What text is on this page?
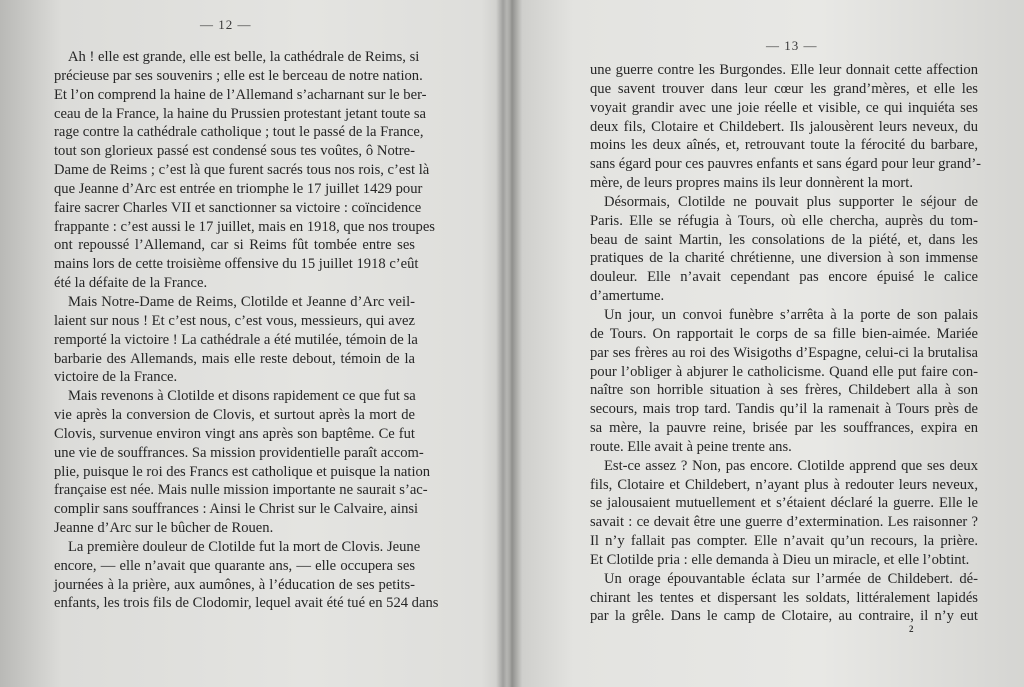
— 12 —
Ah ! elle est grande, elle est belle, la cathédrale de Reims, si
précieuse par ses souvenirs ; elle est le berceau de notre nation.
Et l’on comprend la haine de l’Allemand s’acharnant sur le ber-
ceau de la France, la haine du Prussien protestant jetant toute sa
rage contre la cathédrale catholique ; tout le passé de la France,
tout son glorieux passé est condensé sous tes voûtes, ô Notre-
Dame de Reims ; c’est là que furent sacrés tous nos rois, c’est là
que Jeanne d’Arc est entrée en triomphe le 17 juillet 1429 pour
faire sacrer Charles VII et sanctionner sa victoire : coïncidence
frappante : c’est aussi le 17 juillet, mais en 1918, que nos troupes
ont repoussé l’Allemand, car si Reims fût tombée entre ses
mains lors de cette troisième offensive du 15 juillet 1918 c’eût
été la défaite de la France.
Mais Notre-Dame de Reims, Clotilde et Jeanne d’Arc veil-
laient sur nous ! Et c’est nous, c’est vous, messieurs, qui avez
remporté la victoire ! La cathédrale a été mutilée, témoin de la
barbarie des Allemands, mais elle reste debout, témoin de la
victoire de la France.
Mais revenons à Clotilde et disons rapidement ce que fut sa
vie après la conversion de Clovis, et surtout après la mort de
Clovis, survenue environ vingt ans après son baptême. Ce fut
une vie de souffrances. Sa mission providentielle paraît accom-
plie, puisque le roi des Francs est catholique et puisque la nation
française est née. Mais nulle mission importante ne saurait s’ac-
complir sans souffrances : Ainsi le Christ sur le Calvaire, ainsi
Jeanne d’Arc sur le bûcher de Rouen.
La première douleur de Clotilde fut la mort de Clovis. Jeune
encore, — elle n’avait que quarante ans, — elle occupera ses
journées à la prière, aux aumônes, à l’éducation de ses petits-
enfants, les trois fils de Clodomir, lequel avait été tué en 524 dans
— 13 —
une guerre contre les Burgondes. Elle leur donnait cette affection
que savent trouver dans leur cœur les grand’mères, et elle les
voyait grandir avec une joie réelle et visible, ce qui inquiéta ses
deux fils, Clotaire et Childebert. Ils jalousèrent leurs neveux, du
moins les deux aînés, et, retrouvant toute la férocité du barbare,
sans égard pour ces pauvres enfants et sans égard pour leur grand’-
mère, de leurs propres mains ils leur donnèrent la mort.
Désormais, Clotilde ne pouvait plus supporter le séjour de
Paris. Elle se réfugia à Tours, où elle chercha, auprès du tom-
beau de saint Martin, les consolations de la piété, et, dans les
pratiques de la charité chrétienne, une diversion à son immense
douleur. Elle n’avait cependant pas encore épuisé le calice
d’amertume.
Un jour, un convoi funèbre s’arrêta à la porte de son palais
de Tours. On rapportait le corps de sa fille bien-aimée. Mariée
par ses frères au roi des Wisigoths d’Espagne, celui-ci la brutalisa
pour l’obliger à abjurer le catholicisme. Quand elle put faire con-
naître son horrible situation à ses frères, Childebert alla à son
secours, mais trop tard. Tandis qu’il la ramenait à Tours près de
sa mère, la pauvre reine, brisée par les souffrances, expira en
route. Elle avait à peine trente ans.
Est-ce assez ? Non, pas encore. Clotilde apprend que ses deux
fils, Clotaire et Childebert, n’ayant plus à redouter leurs neveux,
se jalousaient mutuellement et s’étaient déclaré la guerre. Elle le
savait : ce devait être une guerre d’extermination. Les raisonner ?
Il n’y fallait pas compter. Elle n’avait qu’un recours, la prière.
Et Clotilde pria : elle demanda à Dieu un miracle, et elle l’obtint.
Un orage épouvantable éclata sur l’armée de Childebert. dé-
chirant les tentes et dispersant les soldats, littéralement lapidés
par la grêle. Dans le camp de Clotaire, au contraire, il n’y eut
2
